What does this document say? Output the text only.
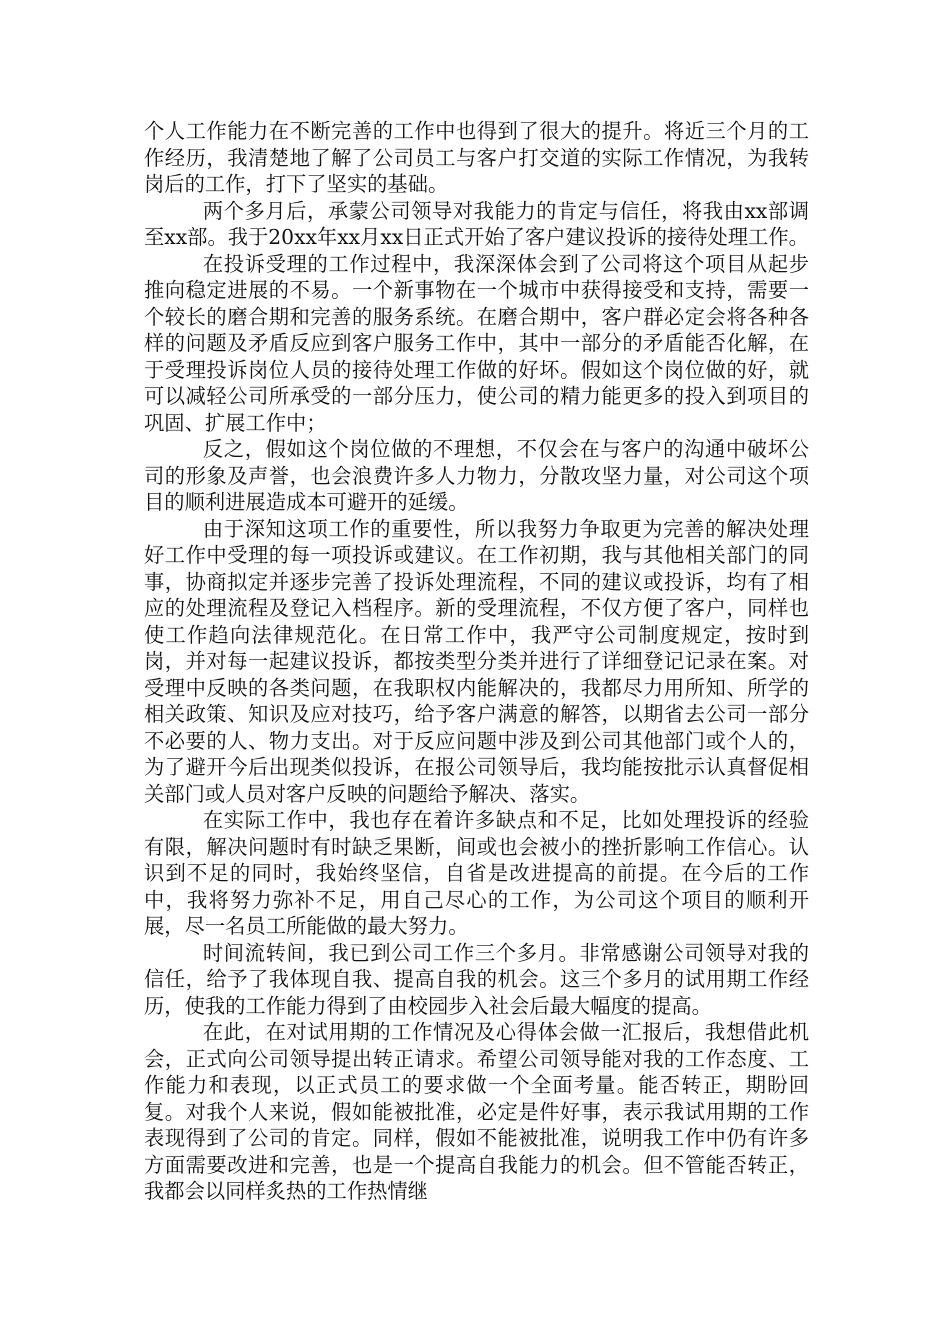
个人工作能力在不断完善的工作中也得到了很大的提升。将近三个月的工作经历，我清楚地了解了公司员工与客户打交道的实际工作情况，为我转岗后的工作，打下了坚实的基础。

两个多月后，承蒙公司领导对我能力的肯定与信任，将我由xx部调至xx部。我于20xx年xx月xx日正式开始了客户建议投诉的接待处理工作。

在投诉受理的工作过程中，我深深体会到了公司将这个项目从起步推向稳定进展的不易。一个新事物在一个城市中获得接受和支持，需要一个较长的磨合期和完善的服务系统。在磨合期中，客户群必定会将各种各样的问题及矛盾反应到客户服务工作中，其中一部分的矛盾能否化解，在于受理投诉岗位人员的接待处理工作做的好坏。假如这个岗位做的好，就可以减轻公司所承受的一部分压力，使公司的精力能更多的投入到项目的巩固、扩展工作中；

反之，假如这个岗位做的不理想，不仅会在与客户的沟通中破坏公司的形象及声誉，也会浪费许多人力物力，分散攻坚力量，对公司这个项目的顺利进展造成本可避开的延缓。

由于深知这项工作的重要性，所以我努力争取更为完善的解决处理好工作中受理的每一项投诉或建议。在工作初期，我与其他相关部门的同事，协商拟定并逐步完善了投诉处理流程，不同的建议或投诉，均有了相应的处理流程及登记入档程序。新的受理流程，不仅方便了客户，同样也使工作趋向法律规范化。在日常工作中，我严守公司制度规定，按时到岗，并对每一起建议投诉，都按类型分类并进行了详细登记记录在案。对受理中反映的各类问题，在我职权内能解决的，我都尽力用所知、所学的相关政策、知识及应对技巧，给予客户满意的解答，以期省去公司一部分不必要的人、物力支出。对于反应问题中涉及到公司其他部门或个人的，为了避开今后出现类似投诉，在报公司领导后，我均能按批示认真督促相关部门或人员对客户反映的问题给予解决、落实。

在实际工作中，我也存在着许多缺点和不足，比如处理投诉的经验有限，解决问题时有时缺乏果断，间或也会被小的挫折影响工作信心。认识到不足的同时，我始终坚信，自省是改进提高的前提。在今后的工作中，我将努力弥补不足，用自己尽心的工作，为公司这个项目的顺利开展，尽一名员工所能做的最大努力。

时间流转间，我已到公司工作三个多月。非常感谢公司领导对我的信任，给予了我体现自我、提高自我的机会。这三个多月的试用期工作经历，使我的工作能力得到了由校园步入社会后最大幅度的提高。

在此，在对试用期的工作情况及心得体会做一汇报后，我想借此机会，正式向公司领导提出转正请求。希望公司领导能对我的工作态度、工作能力和表现，以正式员工的要求做一个全面考量。能否转正，期盼回复。对我个人来说，假如能被批准，必定是件好事，表示我试用期的工作表现得到了公司的肯定。同样，假如不能被批准，说明我工作中仍有许多方面需要改进和完善，也是一个提高自我能力的机会。但不管能否转正，我都会以同样炙热的工作热情继
